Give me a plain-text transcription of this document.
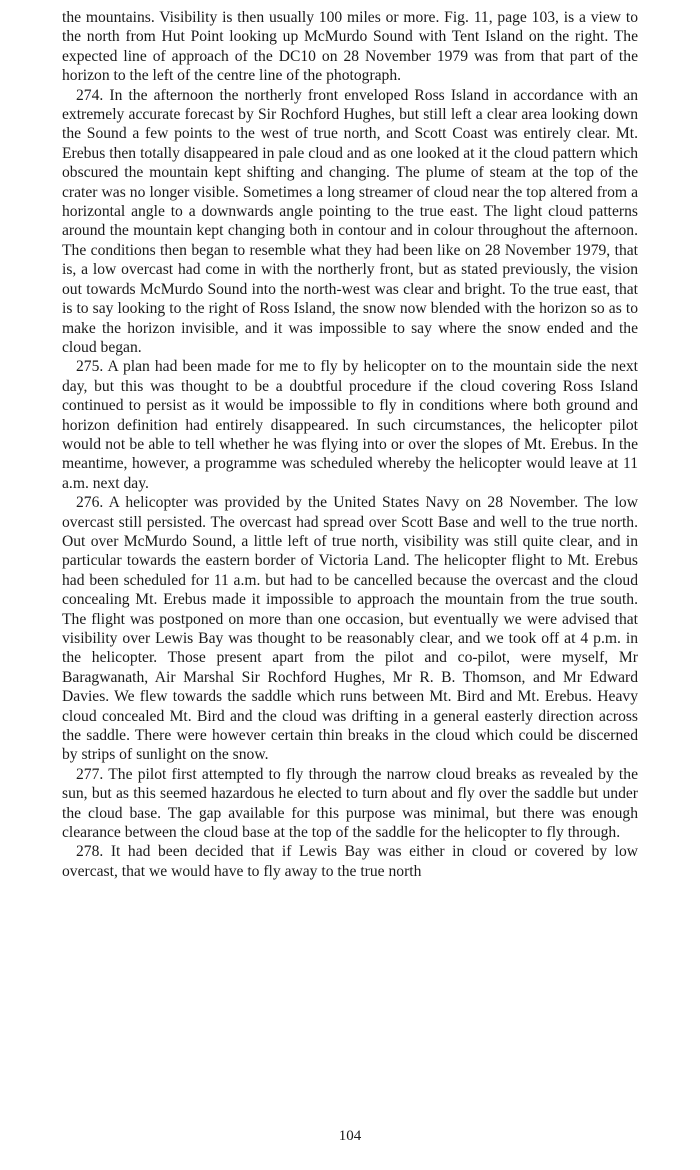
the mountains. Visibility is then usually 100 miles or more. Fig. 11, page 103, is a view to the north from Hut Point looking up McMurdo Sound with Tent Island on the right. The expected line of approach of the DC10 on 28 November 1979 was from that part of the horizon to the left of the centre line of the photograph.

274. In the afternoon the northerly front enveloped Ross Island in accordance with an extremely accurate forecast by Sir Rochford Hughes, but still left a clear area looking down the Sound a few points to the west of true north, and Scott Coast was entirely clear. Mt. Erebus then totally disappeared in pale cloud and as one looked at it the cloud pattern which obscured the mountain kept shifting and changing. The plume of steam at the top of the crater was no longer visible. Sometimes a long streamer of cloud near the top altered from a horizontal angle to a downwards angle pointing to the true east. The light cloud patterns around the mountain kept changing both in contour and in colour throughout the afternoon. The conditions then began to resemble what they had been like on 28 November 1979, that is, a low overcast had come in with the northerly front, but as stated previously, the vision out towards McMurdo Sound into the north-west was clear and bright. To the true east, that is to say looking to the right of Ross Island, the snow now blended with the horizon so as to make the horizon invisible, and it was impossible to say where the snow ended and the cloud began.

275. A plan had been made for me to fly by helicopter on to the mountain side the next day, but this was thought to be a doubtful procedure if the cloud covering Ross Island continued to persist as it would be impossible to fly in conditions where both ground and horizon definition had entirely disappeared. In such circumstances, the helicopter pilot would not be able to tell whether he was flying into or over the slopes of Mt. Erebus. In the meantime, however, a programme was scheduled whereby the helicopter would leave at 11 a.m. next day.

276. A helicopter was provided by the United States Navy on 28 November. The low overcast still persisted. The overcast had spread over Scott Base and well to the true north. Out over McMurdo Sound, a little left of true north, visibility was still quite clear, and in particular towards the eastern border of Victoria Land. The helicopter flight to Mt. Erebus had been scheduled for 11 a.m. but had to be cancelled because the overcast and the cloud concealing Mt. Erebus made it impossible to approach the mountain from the true south. The flight was postponed on more than one occasion, but eventually we were advised that visibility over Lewis Bay was thought to be reasonably clear, and we took off at 4 p.m. in the helicopter. Those present apart from the pilot and co-pilot, were myself, Mr Baragwanath, Air Marshal Sir Rochford Hughes, Mr R. B. Thomson, and Mr Edward Davies. We flew towards the saddle which runs between Mt. Bird and Mt. Erebus. Heavy cloud concealed Mt. Bird and the cloud was drifting in a general easterly direction across the saddle. There were however certain thin breaks in the cloud which could be discerned by strips of sunlight on the snow.

277. The pilot first attempted to fly through the narrow cloud breaks as revealed by the sun, but as this seemed hazardous he elected to turn about and fly over the saddle but under the cloud base. The gap available for this purpose was minimal, but there was enough clearance between the cloud base at the top of the saddle for the helicopter to fly through.

278. It had been decided that if Lewis Bay was either in cloud or covered by low overcast, that we would have to fly away to the true north

104
